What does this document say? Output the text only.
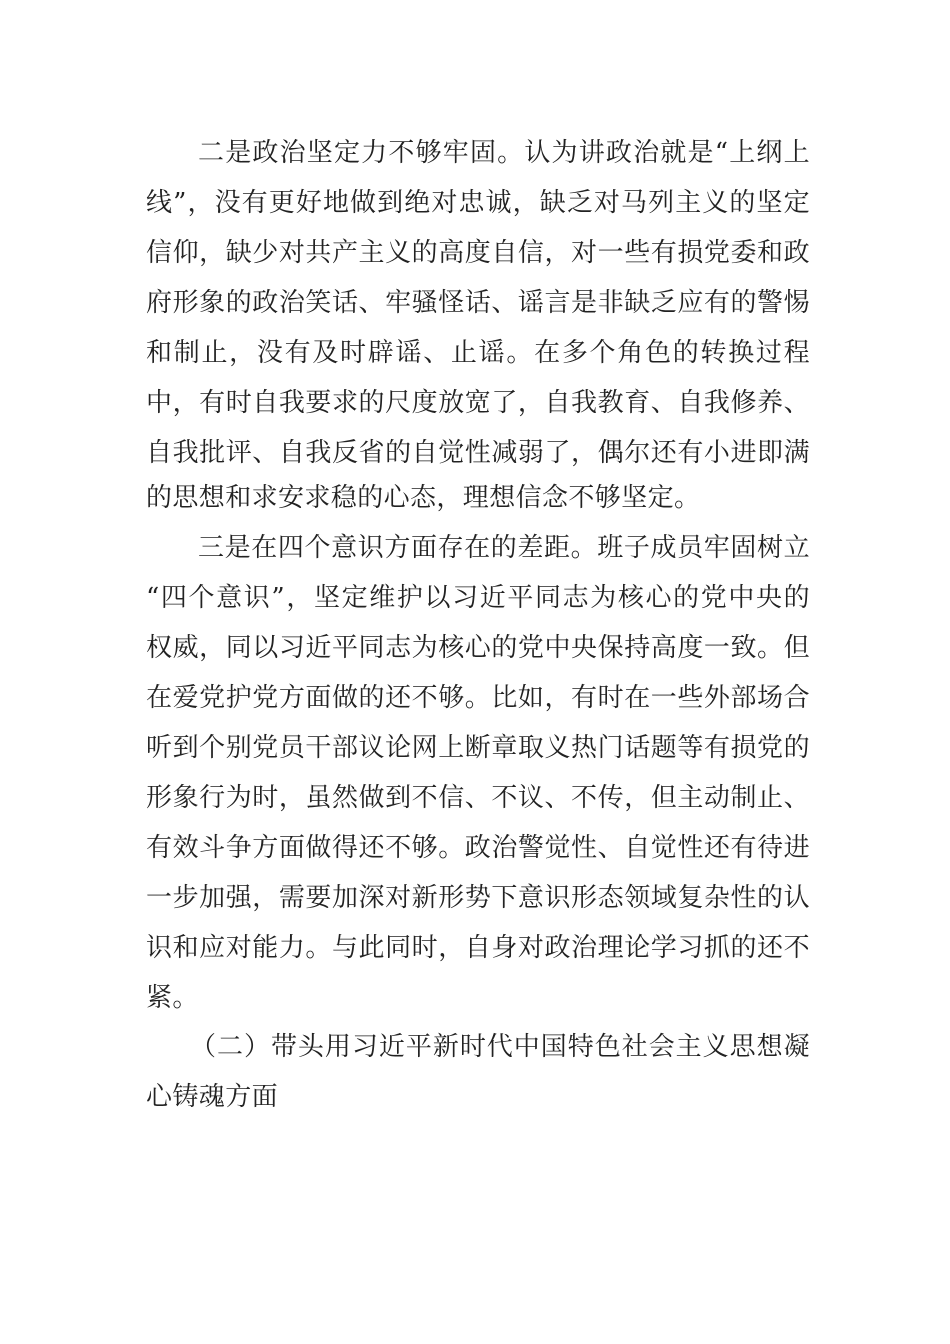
二是政治坚定力不够牢固。认为讲政治就是“上纲上
线”，没有更好地做到绝对忠诚，缺乏对马列主义的坚定
信仰，缺少对共产主义的高度自信，对一些有损党委和政
府形象的政治笑话、牢骚怪话、谣言是非缺乏应有的警惕
和制止，没有及时辟谣、止谣。在多个角色的转换过程
中，有时自我要求的尺度放宽了，自我教育、自我修养、
自我批评、自我反省的自觉性减弱了，偶尔还有小进即满
的思想和求安求稳的心态，理想信念不够坚定。
三是在四个意识方面存在的差距。班子成员牢固树立
“四个意识”，坚定维护以习近平同志为核心的党中央的
权威，同以习近平同志为核心的党中央保持高度一致。但
在爱党护党方面做的还不够。比如，有时在一些外部场合
听到个别党员干部议论网上断章取义热门话题等有损党的
形象行为时，虽然做到不信、不议、不传，但主动制止、
有效斗争方面做得还不够。政治警觉性、自觉性还有待进
一步加强，需要加深对新形势下意识形态领域复杂性的认
识和应对能力。与此同时，自身对政治理论学习抓的还不
紧。
（二）带头用习近平新时代中国特色社会主义思想凝
心铸魂方面
